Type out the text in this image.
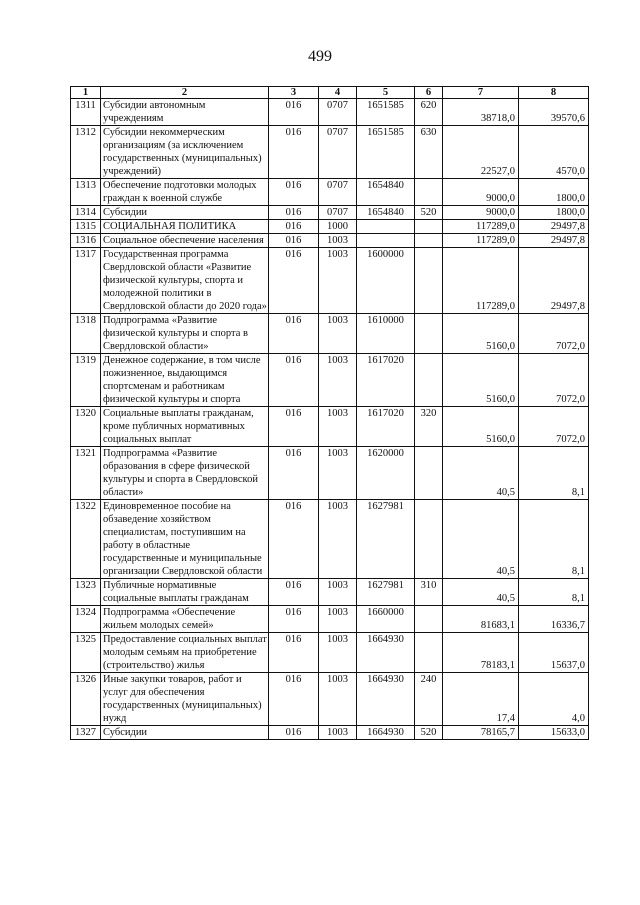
499
1	2	3	4	5	6	7	8
1311	Субсидии автономным учреждениям	016	0707	1651585	620	38718,0	39570,6
1312	Субсидии некоммерческим организациям (за исключением государственных (муниципальных) учреждений)	016	0707	1651585	630	22527,0	4570,0
1313	Обеспечение подготовки молодых граждан к военной службе	016	0707	1654840		9000,0	1800,0
1314	Субсидии	016	0707	1654840	520	9000,0	1800,0
1315	СОЦИАЛЬНАЯ ПОЛИТИКА	016	1000			117289,0	29497,8
1316	Социальное обеспечение населения	016	1003			117289,0	29497,8
1317	Государственная программа Свердловской области «Развитие физической культуры, спорта и молодежной политики в Свердловской области до 2020 года»	016	1003	1600000		117289,0	29497,8
1318	Подпрограмма «Развитие физической культуры и спорта в Свердловской области»	016	1003	1610000		5160,0	7072,0
1319	Денежное содержание, в том числе пожизненное, выдающимся спортсменам и работникам физической культуры и спорта	016	1003	1617020		5160,0	7072,0
1320	Социальные выплаты гражданам, кроме публичных нормативных социальных выплат	016	1003	1617020	320	5160,0	7072,0
1321	Подпрограмма «Развитие образования в сфере физической культуры и спорта в Свердловской области»	016	1003	1620000		40,5	8,1
1322	Единовременное пособие на обзаведение хозяйством специалистам, поступившим на работу в областные государственные и муниципальные организации Свердловской области	016	1003	1627981		40,5	8,1
1323	Публичные нормативные социальные выплаты гражданам	016	1003	1627981	310	40,5	8,1
1324	Подпрограмма «Обеспечение жильем молодых семей»	016	1003	1660000		81683,1	16336,7
1325	Предоставление социальных выплат молодым семьям на приобретение (строительство) жилья	016	1003	1664930		78183,1	15637,0
1326	Иные закупки товаров, работ и услуг для обеспечения государственных (муниципальных) нужд	016	1003	1664930	240	17,4	4,0
1327	Субсидии	016	1003	1664930	520	78165,7	15633,0
